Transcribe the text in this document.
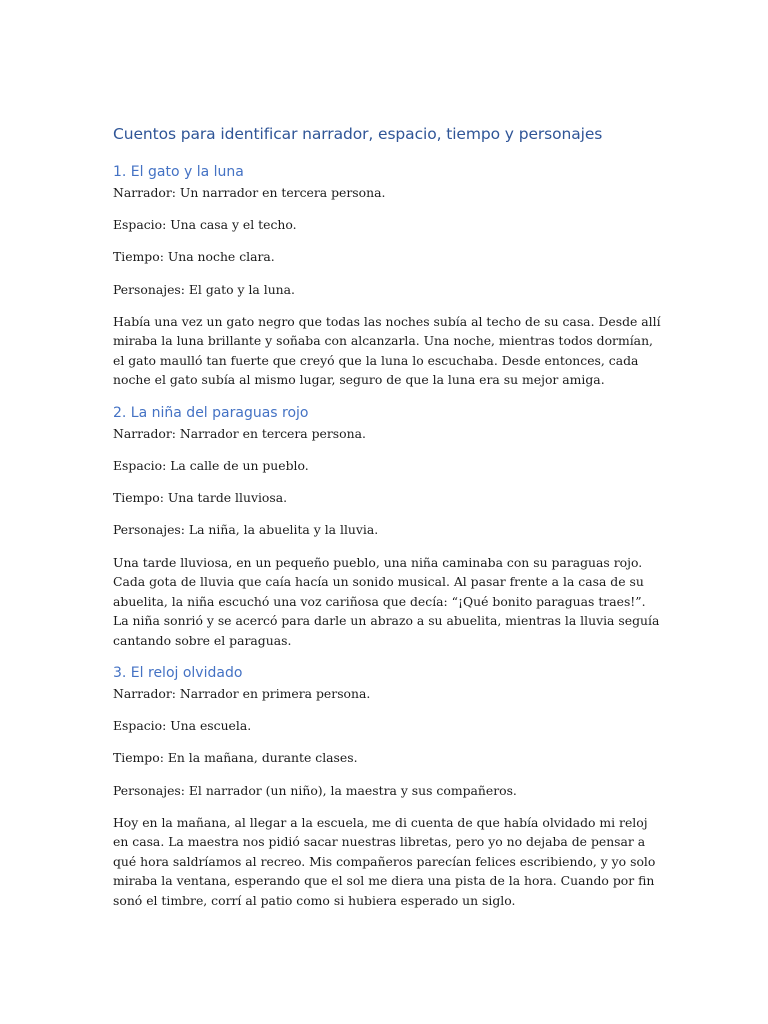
Cuentos para identificar narrador, espacio, tiempo y personajes
1. El gato y la luna

Narrador: Un narrador en tercera persona.

Espacio: Una casa y el techo.

Tiempo: Una noche clara.

Personajes: El gato y la luna.

Había una vez un gato negro que todas las noches subía al techo de su casa. Desde allí miraba la luna brillante y soñaba con alcanzarla. Una noche, mientras todos dormían, el gato maulló tan fuerte que creyó que la luna lo escuchaba. Desde entonces, cada noche el gato subía al mismo lugar, seguro de que la luna era su mejor amiga.

2. La niña del paraguas rojo

Narrador: Narrador en tercera persona.

Espacio: La calle de un pueblo.

Tiempo: Una tarde lluviosa.

Personajes: La niña, la abuelita y la lluvia.

Una tarde lluviosa, en un pequeño pueblo, una niña caminaba con su paraguas rojo. Cada gota de lluvia que caía hacía un sonido musical. Al pasar frente a la casa de su abuelita, la niña escuchó una voz cariñosa que decía: “¡Qué bonito paraguas traes!”. La niña sonrió y se acercó para darle un abrazo a su abuelita, mientras la lluvia seguía cantando sobre el paraguas.

3. El reloj olvidado

Narrador: Narrador en primera persona.

Espacio: Una escuela.

Tiempo: En la mañana, durante clases.

Personajes: El narrador (un niño), la maestra y sus compañeros.

Hoy en la mañana, al llegar a la escuela, me di cuenta de que había olvidado mi reloj en casa. La maestra nos pidió sacar nuestras libretas, pero yo no dejaba de pensar a qué hora saldríamos al recreo. Mis compañeros parecían felices escribiendo, y yo solo miraba la ventana, esperando que el sol me diera una pista de la hora. Cuando por fin sonó el timbre, corrí al patio como si hubiera esperado un siglo.
